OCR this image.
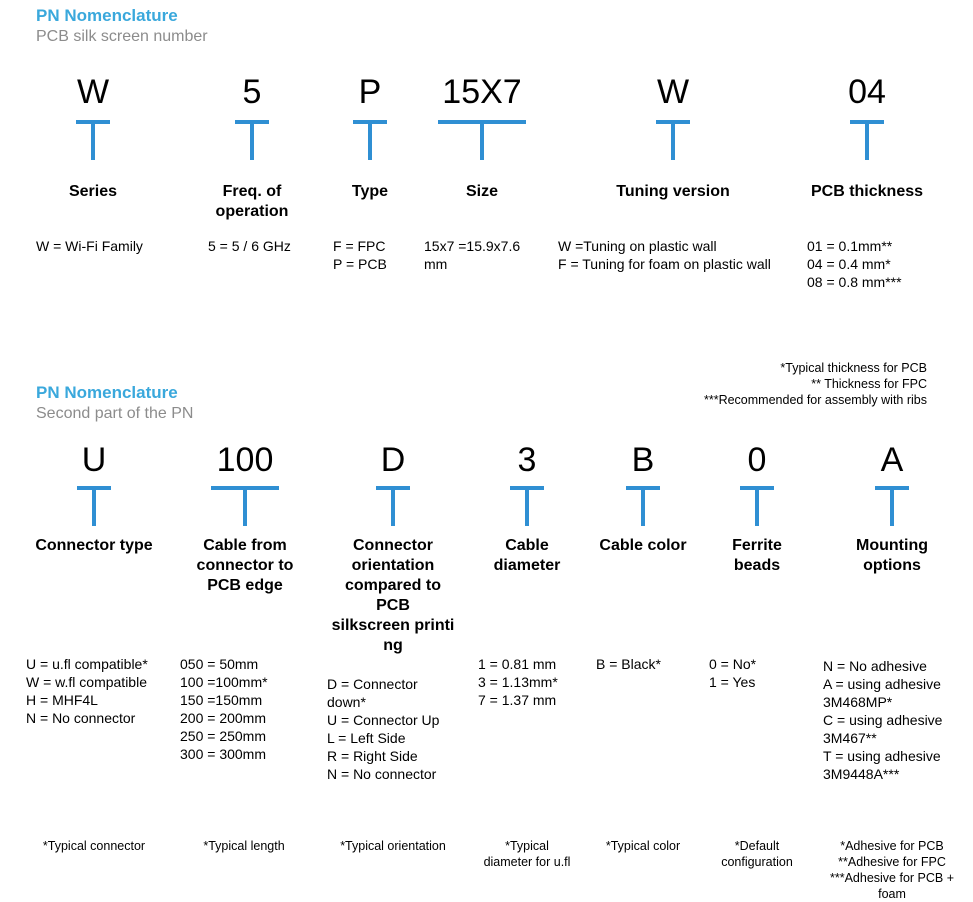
PN Nomenclature
PCB silk screen number
W
Series
W = Wi-Fi Family
5
Freq. of
operation
5 = 5 / 6 GHz
P
Type
F = FPC
P = PCB
15X7
Size
15x7 =15.9x7.6
mm
W
Tuning version
W =Tuning on plastic wall
F = Tuning for foam on plastic wall
04
PCB thickness
01 = 0.1mm**
04 = 0.4 mm*
08 = 0.8 mm***
*Typical thickness for PCB
** Thickness for FPC
***Recommended for assembly with ribs
PN Nomenclature
Second part of the PN
U
Connector type
U = u.fl compatible*
W = w.fl compatible
H = MHF4L
N = No connector
*Typical connector
100
Cable from
connector to
PCB edge
050 = 50mm
100 =100mm*
150 =150mm
200 = 200mm
250 = 250mm
300 = 300mm
*Typical length
D
Connector
orientation
compared to
PCB
silkscreen printi
ng
D = Connector
down*
U = Connector Up
L = Left Side
R = Right Side
N = No connector
*Typical orientation
3
Cable
diameter
1 = 0.81 mm
3 = 1.13mm*
7 = 1.37 mm
*Typical
diameter for u.fl
B
Cable color
B = Black*
*Typical color
0
Ferrite
beads
0 = No*
1 = Yes
*Default
configuration
A
Mounting
options
N = No adhesive
A = using adhesive
3M468MP*
C = using adhesive
3M467**
T = using adhesive
3M9448A***
*Adhesive for PCB
**Adhesive for FPC
***Adhesive for PCB +
foam
